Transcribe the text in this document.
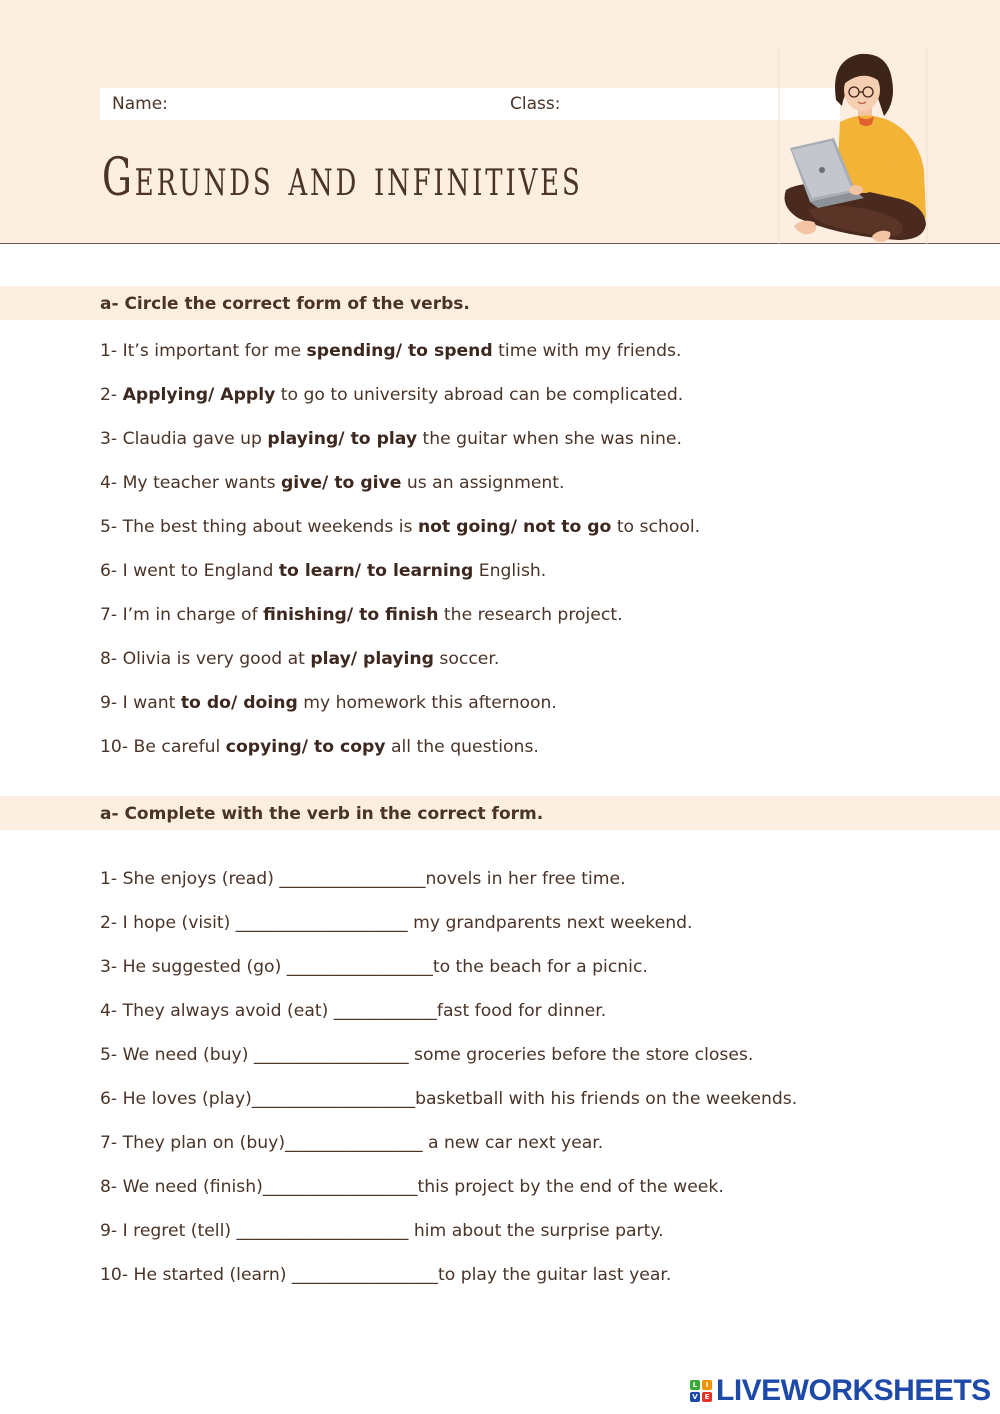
Name:	Class:
Gerunds and infinitives
a- Circle the correct form of the verbs.
1- It’s important for me spending/ to spend time with my friends.
2- Applying/ Apply to go to university abroad can be complicated.
3- Claudia gave up playing/ to play the guitar when she was nine.
4- My teacher wants give/ to give us an assignment.
5- The best thing about weekends is not going/ not to go to school.
6- I went to England to learn/ to learning English.
7- I’m in charge of finishing/ to finish the research project.
8- Olivia is very good at play/ playing soccer.
9- I want to do/ doing my homework this afternoon.
10- Be careful copying/ to copy all the questions.
a- Complete with the verb in the correct form.
1- She enjoys (read) _________________novels in her free time.
2- I hope (visit) ____________________ my grandparents next weekend.
3- He suggested (go) _________________to the beach for a picnic.
4- They always avoid (eat) ____________fast food for dinner.
5- We need (buy) __________________ some groceries before the store closes.
6- He loves (play)___________________basketball with his friends on the weekends.
7- They plan on (buy)________________ a new car next year.
8- We need (finish)__________________this project by the end of the week.
9- I regret (tell) ____________________ him about the surprise party.
10- He started (learn) _________________to play the guitar last year.
L	I
V E LIVEWORKSHEETS
